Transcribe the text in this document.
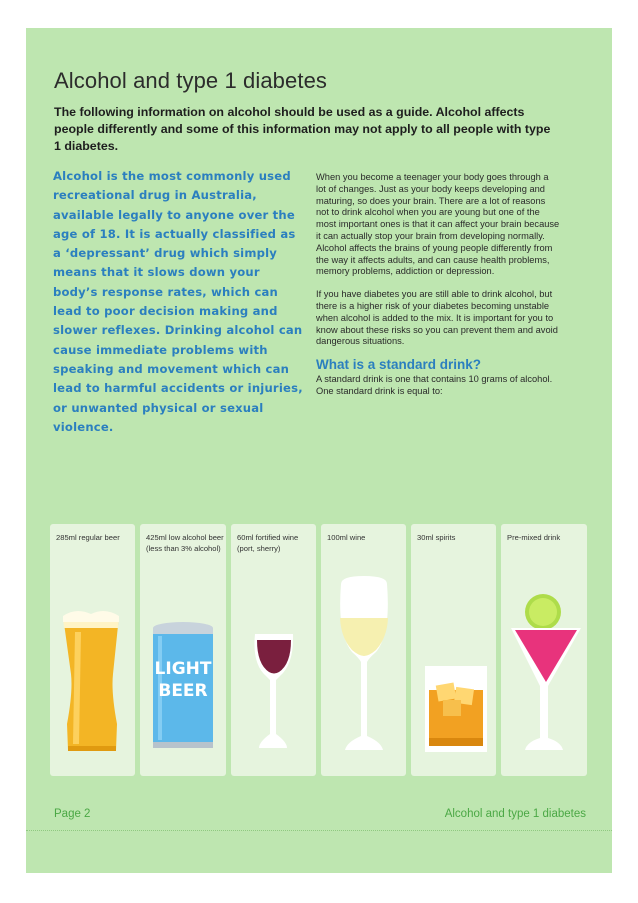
Alcohol and type 1 diabetes

The following information on alcohol should be used as a guide. Alcohol affects people differently and some of this information may not apply to all people with type 1 diabetes.

Alcohol is the most commonly used recreational drug in Australia, available legally to anyone over the age of 18. It is actually classified as a ‘depressant’ drug which simply means that it slows down your body’s response rates, which can lead to poor decision making and slower reflexes. Drinking alcohol can cause immediate problems with speaking and movement which can lead to harmful accidents or injuries, or unwanted physical or sexual violence.

When you become a teenager your body goes through a lot of changes. Just as your body keeps developing and maturing, so does your brain. There are a lot of reasons not to drink alcohol when you are young but one of the most important ones is that it can affect your brain because it can actually stop your brain from developing normally. Alcohol affects the brains of young people differently from the way it affects adults, and can cause health problems, memory problems, addiction or depression.

If you have diabetes you are still able to drink alcohol, but there is a higher risk of your diabetes becoming unstable when alcohol is added to the mix. It is important for you to know about these risks so you can prevent them and avoid dangerous situations.

What is a standard drink?

A standard drink is one that contains 10 grams of alcohol. One standard drink is equal to:

285ml regular beer	425ml low alcohol beer (less than 3% alcohol)
LIGHT
BEER
60ml fortified wine (port, sherry)
100ml wine	30ml spirits	Pre-mixed drink
Page 2	Alcohol and type 1 diabetes
